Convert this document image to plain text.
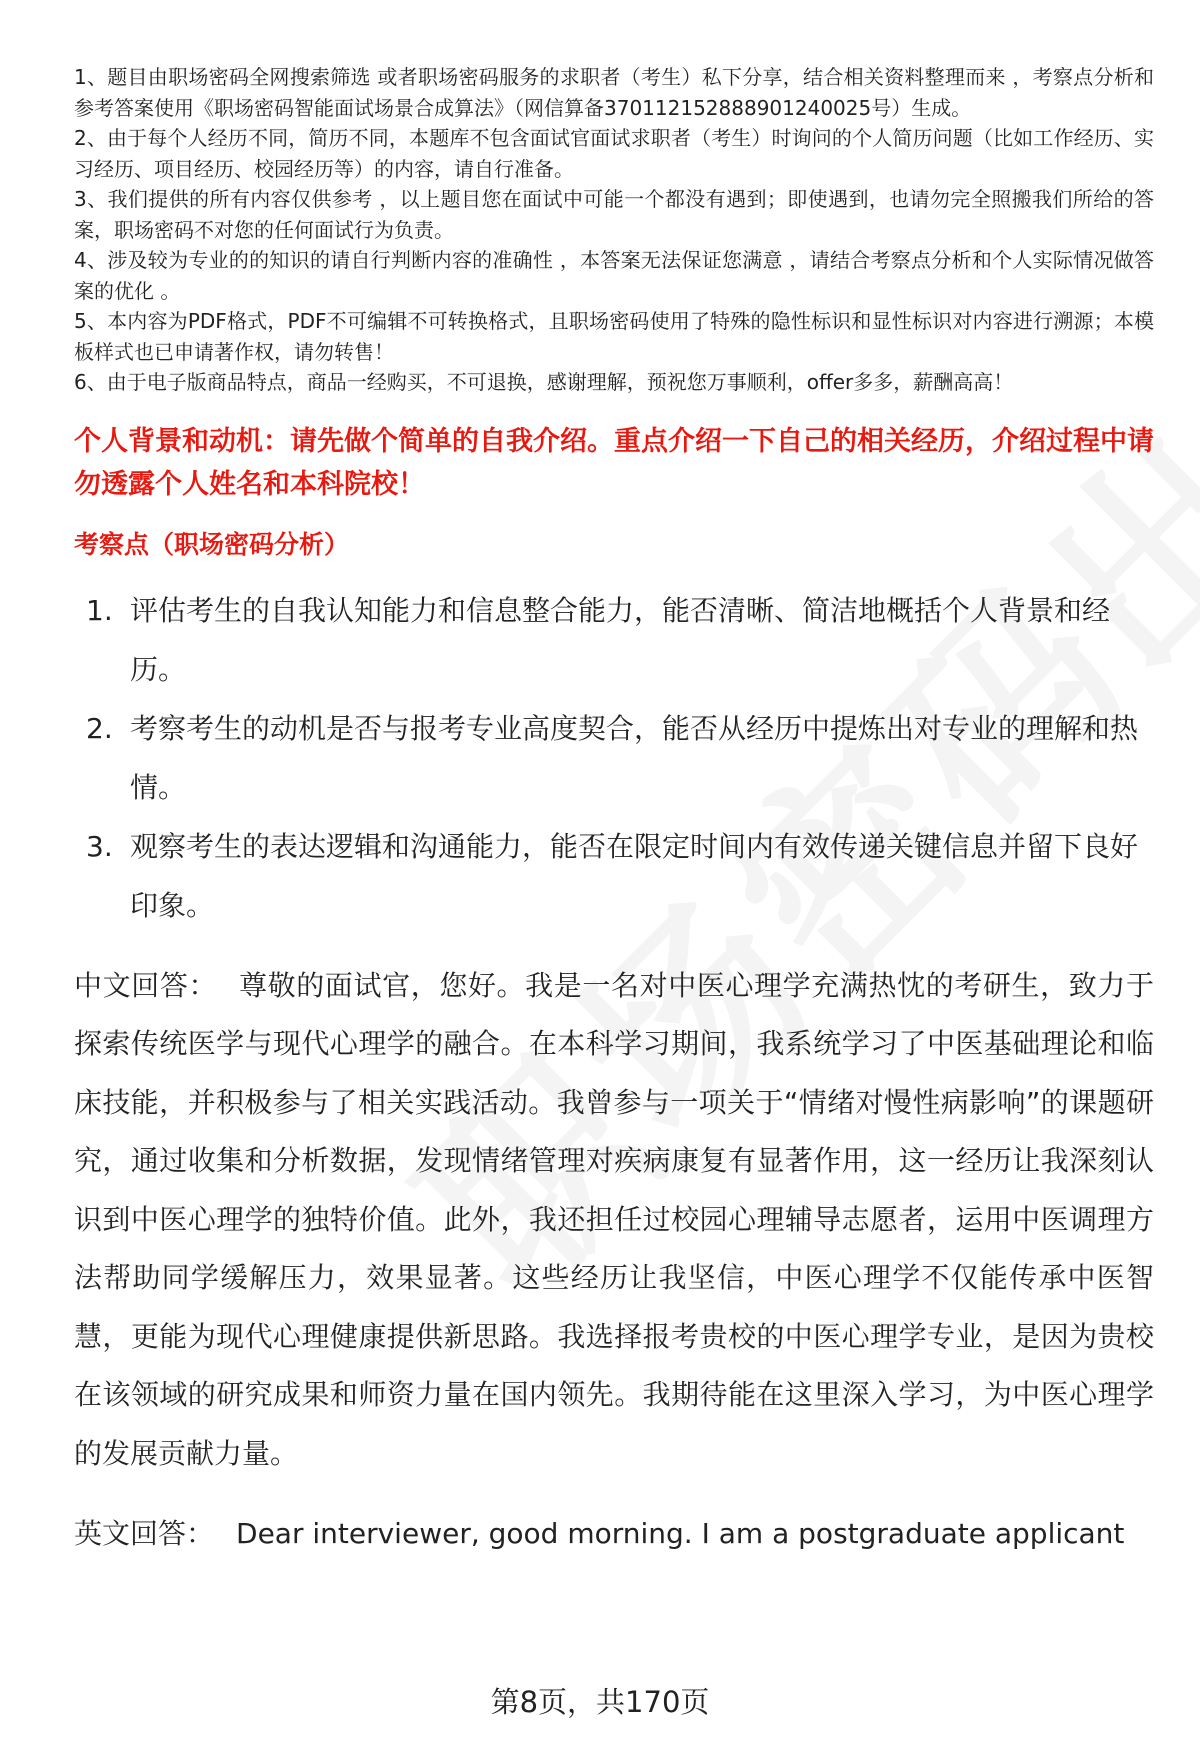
1、题目由职场密码全网搜索筛选 或者职场密码服务的求职者（考生）私下分享，结合相关资料整理而来 ，考察点分析和参考答案使用《职场密码智能面试场景合成算法》（网信算备370112152888901240025号）生成。
2、由于每个人经历不同，简历不同，本题库不包含面试官面试求职者（考生）时询问的个人简历问题（比如工作经历、实习经历、项目经历、校园经历等）的内容，请自行准备。
3、我们提供的所有内容仅供参考 ，以上题目您在面试中可能一个都没有遇到；即使遇到，也请勿完全照搬我们所给的答案，职场密码不对您的任何面试行为负责。
4、涉及较为专业的的知识的请自行判断内容的准确性 ，本答案无法保证您满意 ，请结合考察点分析和个人实际情况做答案的优化 。
5、本内容为PDF格式，PDF不可编辑不可转换格式，且职场密码使用了特殊的隐性标识和显性标识对内容进行溯源；本模板样式也已申请著作权，请勿转售！
6、由于电子版商品特点，商品一经购买，不可退换，感谢理解，预祝您万事顺利，offer多多，薪酬高高！
个人背景和动机：请先做个简单的自我介绍。重点介绍一下自己的相关经历，介绍过程中请勿透露个人姓名和本科院校！
考察点（职场密码分析）
1. 评估考生的自我认知能力和信息整合能力，能否清晰、简洁地概括个人背景和经历。
2. 考察考生的动机是否与报考专业高度契合，能否从经历中提炼出对专业的理解和热情。
3. 观察考生的表达逻辑和沟通能力，能否在限定时间内有效传递关键信息并留下良好印象。
中文回答： 尊敬的面试官，您好。我是一名对中医心理学充满热忱的考研生，致力于探索传统医学与现代心理学的融合。在本科学习期间，我系统学习了中医基础理论和临床技能，并积极参与了相关实践活动。我曾参与一项关于“情绪对慢性病影响”的课题研究，通过收集和分析数据，发现情绪管理对疾病康复有显著作用，这一经历让我深刻认识到中医心理学的独特价值。此外，我还担任过校园心理辅导志愿者，运用中医调理方法帮助同学缓解压力，效果显著。这些经历让我坚信，中医心理学不仅能传承中医智慧，更能为现代心理健康提供新思路。我选择报考贵校的中医心理学专业，是因为贵校在该领域的研究成果和师资力量在国内领先。我期待能在这里深入学习，为中医心理学的发展贡献力量。
英文回答： Dear interviewer, good morning. I am a postgraduate applicant
第8页，共170页
